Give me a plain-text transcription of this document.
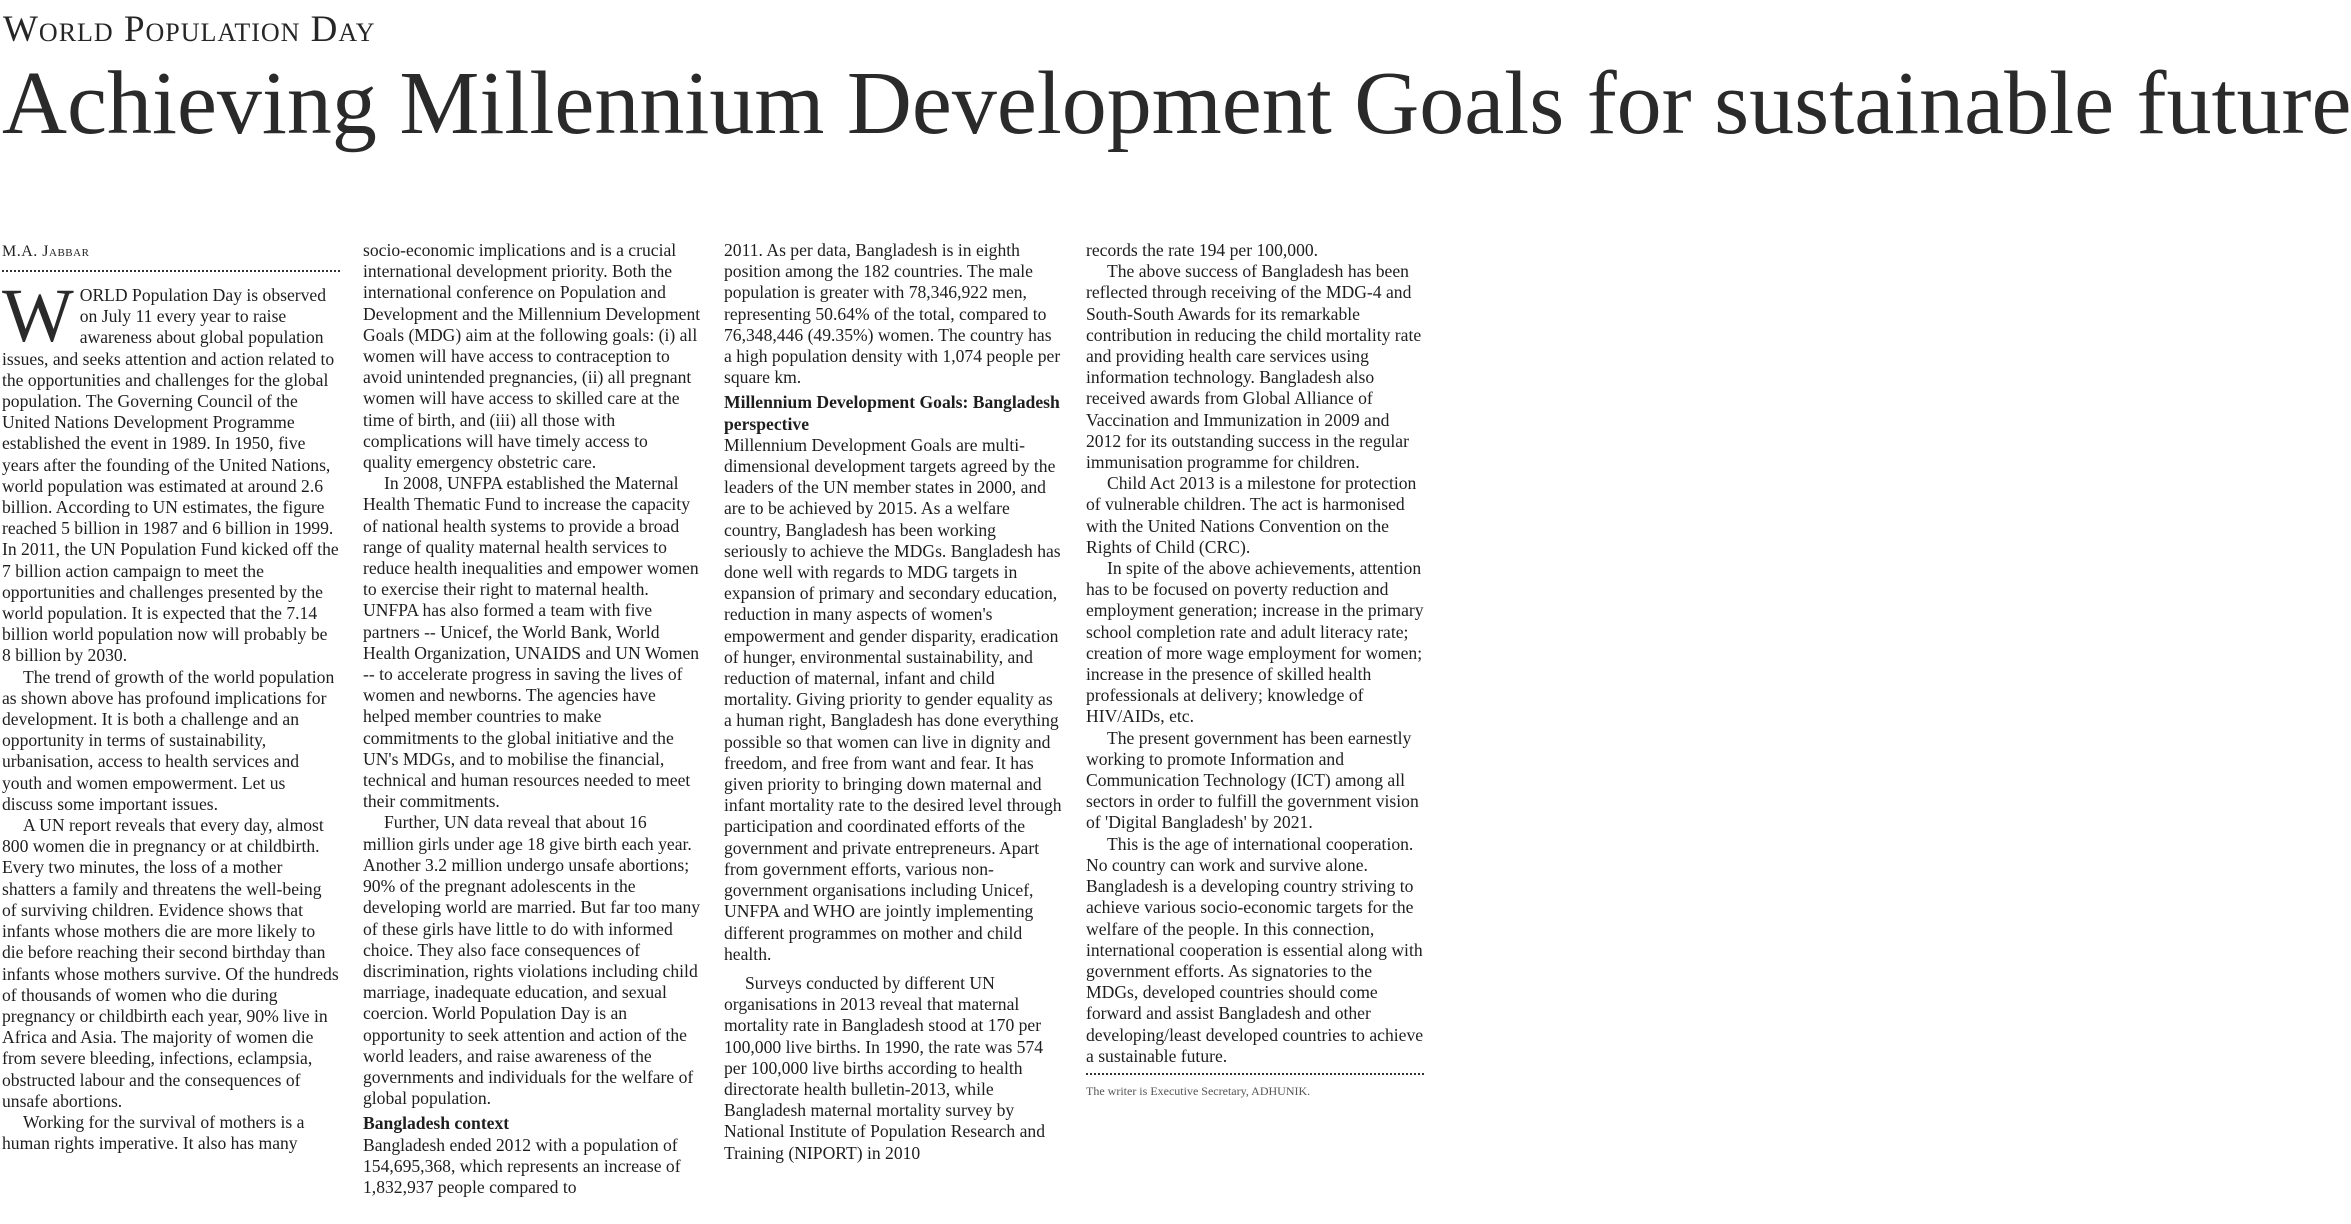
World Population Day
Achieving Millennium Development Goals for sustainable future
M.A. Jabbar

WORLD Population Day is observed on July 11 every year to raise awareness about global population issues, and seeks attention and action related to the opportunities and challenges for the global population. The Governing Council of the United Nations Development Programme established the event in 1989. In 1950, five years after the founding of the United Nations, world population was estimated at around 2.6 billion. According to UN estimates, the figure reached 5 billion in 1987 and 6 billion in 1999. In 2011, the UN Population Fund kicked off the 7 billion action campaign to meet the opportunities and challenges presented by the world population. It is expected that the 7.14 billion world population now will probably be 8 billion by 2030.

The trend of growth of the world population as shown above has profound implications for development. It is both a challenge and an opportunity in terms of sustainability, urbanisation, access to health services and youth and women empowerment. Let us discuss some important issues.

A UN report reveals that every day, almost 800 women die in pregnancy or at childbirth. Every two minutes, the loss of a mother shatters a family and threatens the well-being of surviving children. Evidence shows that infants whose mothers die are more likely to die before reaching their second birthday than infants whose mothers survive. Of the hundreds of thousands of women who die during pregnancy or childbirth each year, 90% live in Africa and Asia. The majority of women die from severe bleeding, infections, eclampsia, obstructed labour and the consequences of unsafe abortions.

Working for the survival of mothers is a human rights imperative. It also has many

socio-economic implications and is a crucial international development priority. Both the international conference on Population and Development and the Millennium Development Goals (MDG) aim at the following goals: (i) all women will have access to contraception to avoid unintended pregnancies, (ii) all pregnant women will have access to skilled care at the time of birth, and (iii) all those with complications will have timely access to quality emergency obstetric care.

In 2008, UNFPA established the Maternal Health Thematic Fund to increase the capacity of national health systems to provide a broad range of quality maternal health services to reduce health inequalities and empower women to exercise their right to maternal health. UNFPA has also formed a team with five partners -- Unicef, the World Bank, World Health Organization, UNAIDS and UN Women -- to accelerate progress in saving the lives of women and newborns. The agencies have helped member countries to make commitments to the global initiative and the UN's MDGs, and to mobilise the financial, technical and human resources needed to meet their commitments.

Further, UN data reveal that about 16 million girls under age 18 give birth each year. Another 3.2 million undergo unsafe abortions; 90% of the pregnant adolescents in the developing world are married. But far too many of these girls have little to do with informed choice. They also face consequences of discrimination, rights violations including child marriage, inadequate education, and sexual coercion. World Population Day is an opportunity to seek attention and action of the world leaders, and raise awareness of the governments and individuals for the welfare of global population.

Bangladesh context

Bangladesh ended 2012 with a population of 154,695,368, which represents an increase of 1,832,937 people compared to

2011. As per data, Bangladesh is in eighth position among the 182 countries. The male population is greater with 78,346,922 men, representing 50.64% of the total, compared to 76,348,446 (49.35%) women. The country has a high population density with 1,074 people per square km.

Millennium Development Goals: Bangladesh perspective

Millennium Development Goals are multi-dimensional development targets agreed by the leaders of the UN member states in 2000, and are to be achieved by 2015. As a welfare country, Bangladesh has been working seriously to achieve the MDGs. Bangladesh has done well with regards to MDG targets in expansion of primary and secondary education, reduction in many aspects of women's empowerment and gender disparity, eradication of hunger, environmental sustainability, and reduction of maternal, infant and child mortality. Giving priority to gender equality as a human right, Bangladesh has done everything possible so that women can live in dignity and freedom, and free from want and fear. It has given priority to bringing down maternal and infant mortality rate to the desired level through participation and coordinated efforts of the government and private entrepreneurs. Apart from government efforts, various non-government organisations including Unicef, UNFPA and WHO are jointly implementing different programmes on mother and child health.

Surveys conducted by different UN organisations in 2013 reveal that maternal mortality rate in Bangladesh stood at 170 per 100,000 live births. In 1990, the rate was 574 per 100,000 live births according to health directorate health bulletin-2013, while Bangladesh maternal mortality survey by National Institute of Population Research and Training (NIPORT) in 2010

records the rate 194 per 100,000.

The above success of Bangladesh has been reflected through receiving of the MDG-4 and South-South Awards for its remarkable contribution in reducing the child mortality rate and providing health care services using information technology. Bangladesh also received awards from Global Alliance of Vaccination and Immunization in 2009 and 2012 for its outstanding success in the regular immunisation programme for children.

Child Act 2013 is a milestone for protection of vulnerable children. The act is harmonised with the United Nations Convention on the Rights of Child (CRC).

In spite of the above achievements, attention has to be focused on poverty reduction and employment generation; increase in the primary school completion rate and adult literacy rate; creation of more wage employment for women; increase in the presence of skilled health professionals at delivery; knowledge of HIV/AIDs, etc.

The present government has been earnestly working to promote Information and Communication Technology (ICT) among all sectors in order to fulfill the government vision of 'Digital Bangladesh' by 2021.

This is the age of international cooperation. No country can work and survive alone. Bangladesh is a developing country striving to achieve various socio-economic targets for the welfare of the people. In this connection, international cooperation is essential along with government efforts. As signatories to the MDGs, developed countries should come forward and assist Bangladesh and other developing/least developed countries to achieve a sustainable future.

The writer is Executive Secretary, ADHUNIK.
